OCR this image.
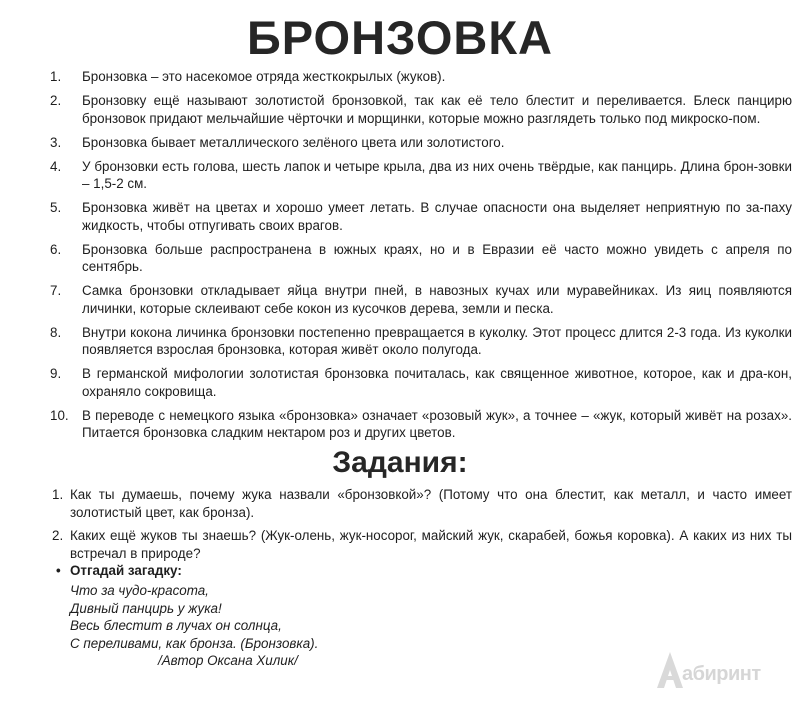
БРОНЗОВКА
1.	Бронзовка – это насекомое отряда жесткокрылых (жуков).
2.	Бронзовку ещё называют золотистой бронзовкой, так как её тело блестит и переливается. Блеск панцирю бронзовок придают мельчайшие чёрточки и морщинки, которые можно разглядеть только под микроско-пом.
3.	Бронзовка бывает металлического зелёного цвета или золотистого.
4.	У бронзовки есть голова, шесть лапок и четыре крыла, два из них очень твёрдые, как панцирь. Длина брон-зовки – 1,5-2 см.
5.	Бронзовка живёт на цветах и хорошо умеет летать. В случае опасности она выделяет неприятную по за-паху жидкость, чтобы отпугивать своих врагов.
6.	Бронзовка больше распространена в южных краях, но и в Евразии её часто можно увидеть с апреля по сентябрь.
7.	Самка бронзовки откладывает яйца внутри пней, в навозных кучах или муравейниках. Из яиц появляются личинки, которые склеивают себе кокон из кусочков дерева, земли и песка.
8.	Внутри кокона личинка бронзовки постепенно превращается в куколку. Этот процесс длится 2-3 года. Из куколки появляется взрослая бронзовка, которая живёт около полугода.
9.	В германской мифологии золотистая бронзовка почиталась, как священное животное, которое, как и дра-кон, охраняло сокровища.
10. В переводе с немецкого языка «бронзовка» означает «розовый жук», а точнее – «жук, который живёт на розах». Питается бронзовка сладким нектаром роз и других цветов.
Задания:
1. Как ты думаешь, почему жука назвали «бронзовкой»? (Потому что она блестит, как металл, и часто имеет золотистый цвет, как бронза).
2. Каких ещё жуков ты знаешь? (Жук-олень, жук-носорог, майский жук, скарабей, божья коровка). А каких из них ты встречал в природе?
• Отгадай загадку:
Что за чудо-красота,
Дивный панцирь у жука!
Весь блестит в лучах он солнца,
С переливами, как бронза. (Бронзовка).
/Автор Оксана Хилик/
абиринт
